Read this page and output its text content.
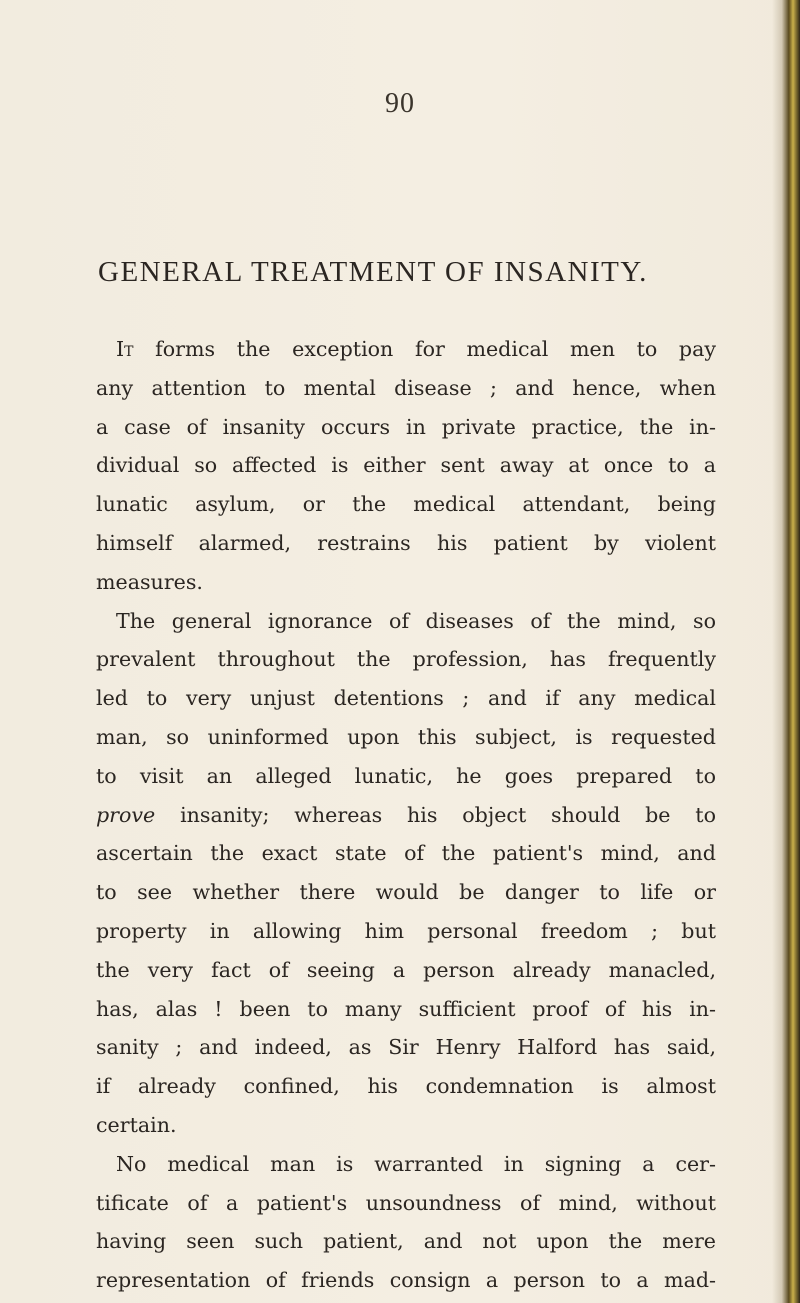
90
GENERAL TREATMENT OF INSANITY.
It forms the exception for medical men to pay
any attention to mental disease ; and hence, when
a case of insanity occurs in private practice, the in-
dividual so affected is either sent away at once to a
lunatic asylum, or the medical attendant, being
himself alarmed, restrains his patient by violent
measures.
The general ignorance of diseases of the mind, so
prevalent throughout the profession, has frequently
led to very unjust detentions ; and if any medical
man, so uninformed upon this subject, is requested
to visit an alleged lunatic, he goes prepared to
prove insanity; whereas his object should be to
ascertain the exact state of the patient's mind, and
to see whether there would be danger to life or
property in allowing him personal freedom ; but
the very fact of seeing a person already manacled,
has, alas ! been to many sufficient proof of his in-
sanity ; and indeed, as Sir Henry Halford has said,
if already confined, his condemnation is almost
certain.
No medical man is warranted in signing a cer-
tificate of a patient's unsoundness of mind, without
having seen such patient, and not upon the mere
representation of friends consign a person to a mad-
